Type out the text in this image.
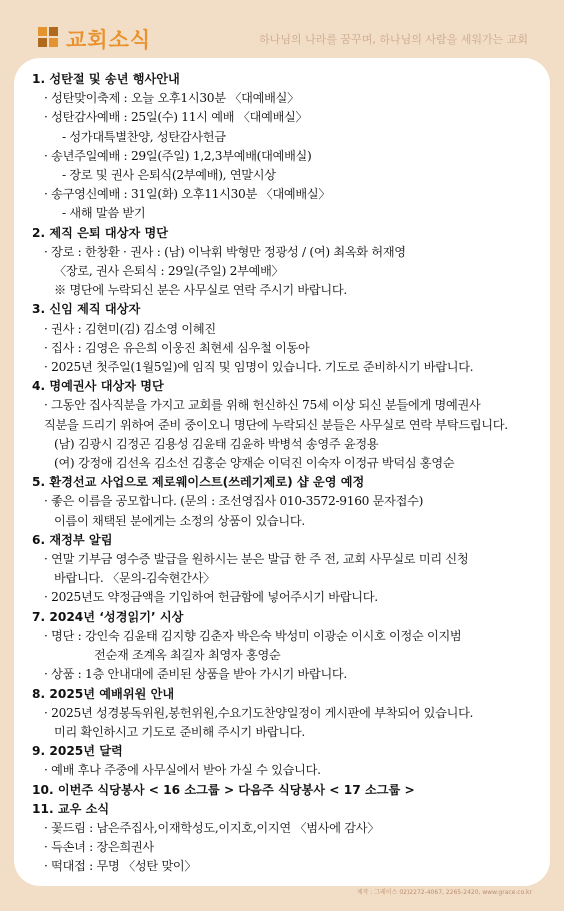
교회소식	하나님의 나라를 꿈꾸며, 하나님의 사람을 세워가는 교회
1. 성탄절 및 송년 행사안내
· 성탄맞이축제 : 오늘 오후1시30분 〈대예배실〉
· 성탄감사예배 : 25일(수) 11시 예배 〈대예배실〉
- 성가대특별찬양, 성탄감사헌금
· 송년주일예배 : 29일(주일) 1,2,3부예배(대예배실)
- 장로 및 권사 은퇴식(2부예배), 연말시상
· 송구영신예배 : 31일(화) 오후11시30분 〈대예배실〉
- 새해 말씀 받기
2. 제직 은퇴 대상자 명단
· 장로 : 한창환 · 권사 : (남) 이낙휘 박형만 정광성 / (여) 최옥화 허재영
〈장로, 권사 은퇴식 : 29일(주일) 2부예배〉
※ 명단에 누락되신 분은 사무실로 연락 주시기 바랍니다.
3. 신임 제직 대상자
· 권사 : 김현미(김) 김소영 이혜진
· 집사 : 김영은 유은희 이웅진 최현세 심우철 이동아
· 2025년 첫주일(1월5일)에 임직 및 임명이 있습니다. 기도로 준비하시기 바랍니다.
4. 명예권사 대상자 명단
· 그동안 집사직분을 가지고 교회를 위해 헌신하신 75세 이상 되신 분들에게 명예권사
직분을 드리기 위하여 준비 중이오니 명단에 누락되신 분들은 사무실로 연락 부탁드립니다.
(남) 김광시 김정곤 김용성 김윤태 김윤하 박병석 송영주 윤정용
(여) 강정애 김선옥 김소선 김홍순 양재순 이덕진 이숙자 이정규 박덕심 홍영순
5. 환경선교 사업으로 제로웨이스트(쓰레기제로) 샵 운영 예정
· 좋은 이름을 공모합니다. (문의 : 조선영집사 010-3572-9160 문자접수)
이름이 채택된 분에게는 소정의 상품이 있습니다.
6. 재정부 알림
· 연말 기부금 영수증 발급을 원하시는 분은 발급 한 주 전, 교회 사무실로 미리 신청
바랍니다. 〈문의-김숙현간사〉
· 2025년도 약정금액을 기입하여 헌금함에 넣어주시기 바랍니다.
7. 2024년 ‘성경읽기’ 시상
· 명단 : 강인숙 김윤태 김지향 김춘자 박은숙 박성미 이광순 이시호 이정순 이지범
전순재 조계옥 최길자 최영자 홍영순
· 상품 : 1층 안내대에 준비된 상품을 받아 가시기 바랍니다.
8. 2025년 예배위원 안내
· 2025년 성경봉독위원,봉헌위원,수요기도찬양일정이 게시판에 부착되어 있습니다.
미리 확인하시고 기도로 준비해 주시기 바랍니다.
9. 2025년 달력
· 예배 후나 주중에 사무실에서 받아 가실 수 있습니다.
10. 이번주 식당봉사 < 16 소그룹 > 다음주 식당봉사 < 17 소그룹 >
11. 교우 소식
· 꽃드림 : 남은주집사,이재학성도,이지호,이지연 〈범사에 감사〉
· 득손녀 : 장은희권사
· 떡대접 : 무명 〈성탄 맞이〉
제작 : 그레이스 02)2272-4067, 2265-2420, www.grace.co.kr
